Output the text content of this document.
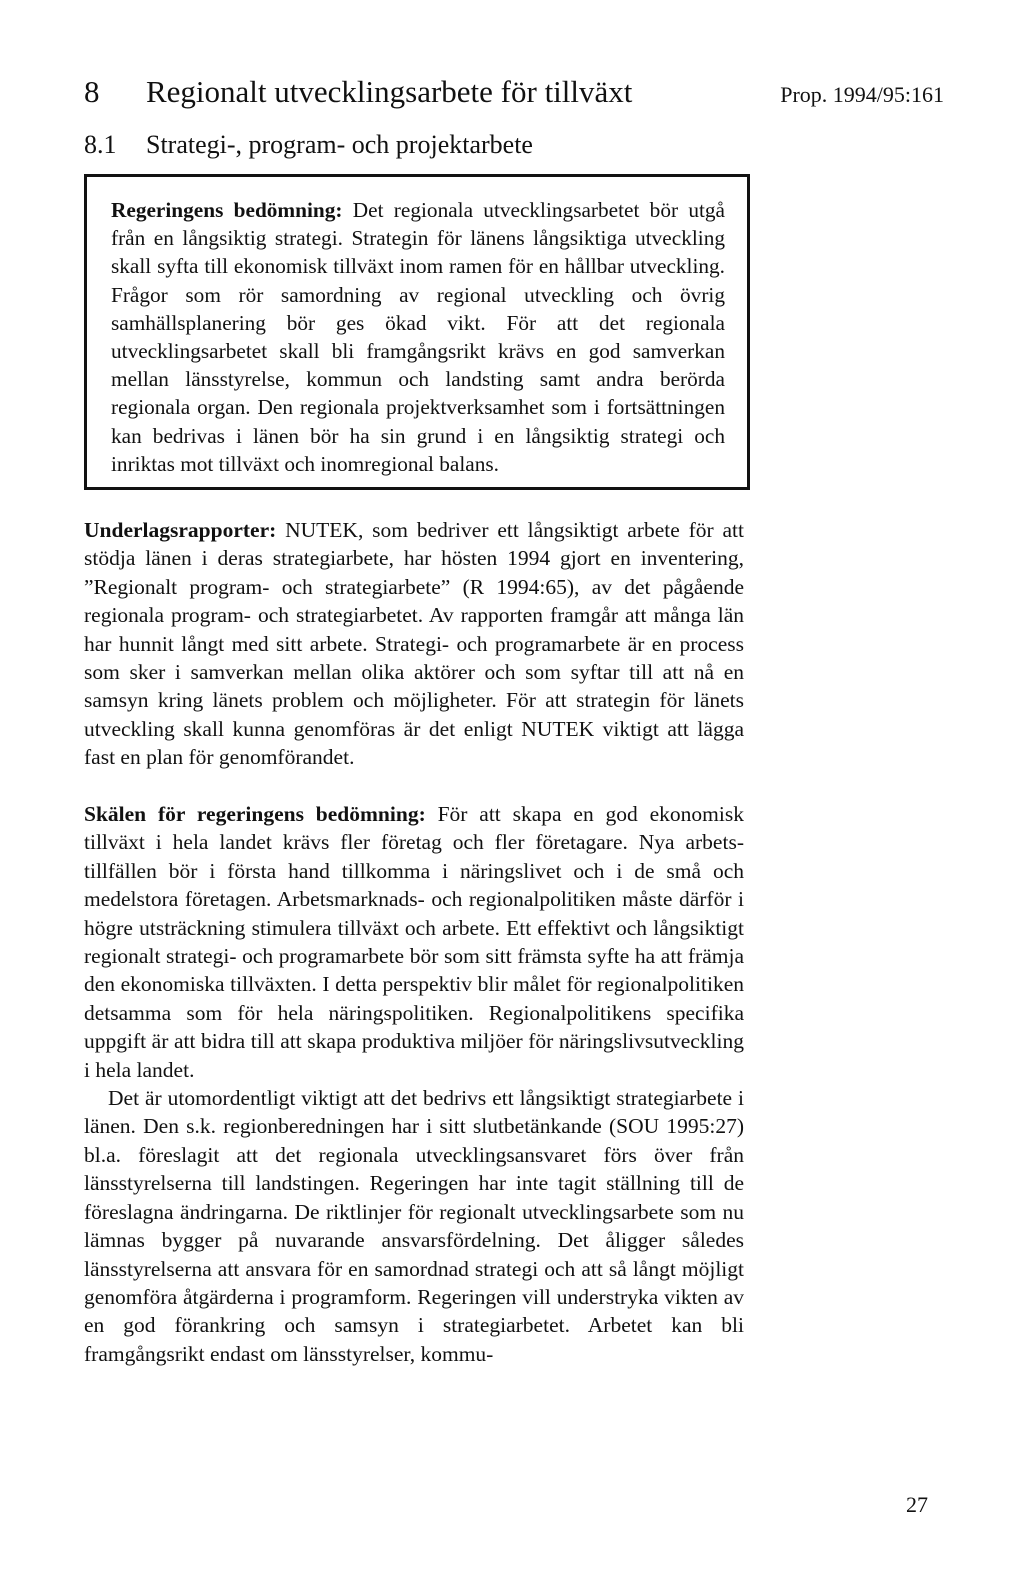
8 Regionalt utvecklingsarbete för tillväxt	Prop. 1994/95:161
8.1 Strategi-, program- och projektarbete

Regeringens bedömning: Det regionala utvecklingsarbetet bör utgå från en långsiktig strategi. Strategin för länens långsiktiga utveckling skall syfta till ekonomisk tillväxt inom ramen för en hållbar utveckling. Frågor som rör samordning av regional utveckling och övrig samhällsplanering bör ges ökad vikt. För att det regionala utvecklingsarbetet skall bli framgångsrikt krävs en god samverkan mellan länsstyrelse, kommun och landsting samt andra berörda regionala organ. Den regionala projektverksamhet som i fortsättningen kan bedrivas i länen bör ha sin grund i en långsiktig strategi och inriktas mot tillväxt och inomregional balans.

Underlagsrapporter: NUTEK, som bedriver ett långsiktigt arbete för att stödja länen i deras strategiarbete, har hösten 1994 gjort en inventering, ”Regionalt program- och strategiarbete” (R 1994:65), av det pågående regionala program- och strategiarbetet. Av rapporten framgår att många län har hunnit långt med sitt arbete. Strategi- och programarbete är en process som sker i samverkan mellan olika aktörer och som syftar till att nå en samsyn kring länets problem och möjligheter. För att strategin för länets utveckling skall kunna genomföras är det enligt NUTEK viktigt att lägga fast en plan för genomförandet.

Skälen för regeringens bedömning: För att skapa en god ekonomisk tillväxt i hela landet krävs fler företag och fler företagare. Nya arbetstillfällen bör i första hand tillkomma i näringslivet och i de små och medelstora företagen. Arbetsmarknads- och regionalpolitiken måste därför i högre utsträckning stimulera tillväxt och arbete. Ett effektivt och långsiktigt regionalt strategi- och programarbete bör som sitt främsta syfte ha att främja den ekonomiska tillväxten. I detta perspektiv blir målet för regionalpolitiken detsamma som för hela näringspolitiken. Regionalpolitikens specifika uppgift är att bidra till att skapa produktiva miljöer för näringslivsutveckling i hela landet.

Det är utomordentligt viktigt att det bedrivs ett långsiktigt strategiarbete i länen. Den s.k. regionberedningen har i sitt slutbetänkande (SOU 1995:27) bl.a. föreslagit att det regionala utvecklingsansvaret förs över från länsstyrelserna till landstingen. Regeringen har inte tagit ställning till de föreslagna ändringarna. De riktlinjer för regionalt utvecklingsarbete som nu lämnas bygger på nuvarande ansvarsfördelning. Det åligger således länsstyrelserna att ansvara för en samordnad strategi och att så långt möjligt genomföra åtgärderna i programform. Regeringen vill understryka vikten av en god förankring och samsyn i strategiarbetet. Arbetet kan bli framgångsrikt endast om länsstyrelser, kommu-

27
